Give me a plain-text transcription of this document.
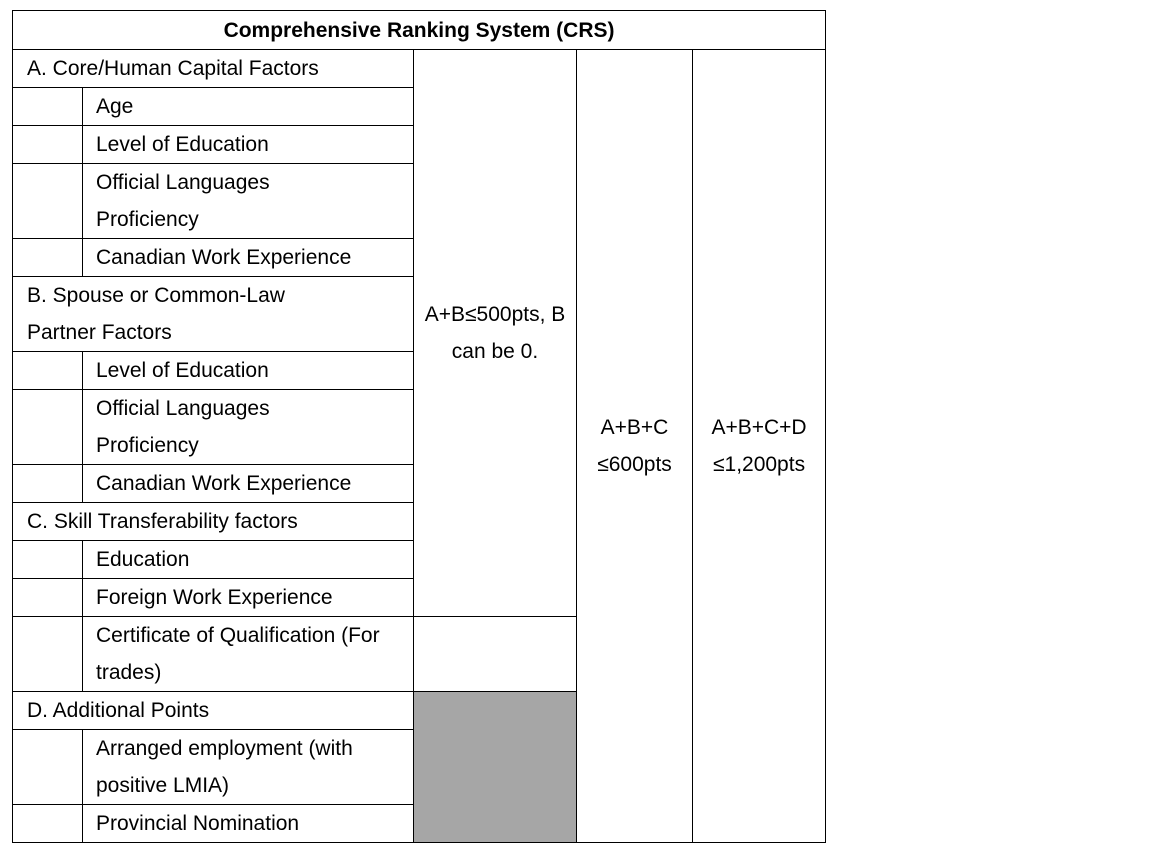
Comprehensive Ranking System (CRS)					
A. Core/Human Capital Factors		A+B≤500pts, B can be 0.	A+B+C ≤600pts	A+B+C+D ≤1,200pts	

	Age				
	Level of Education				

	Official Languages Proficiency				

	Canadian Work Experience				

B. Spouse or Common-Law Partner Factors					

	Level of Education				

	Official Languages Proficiency				

	Canadian Work Experience				
C. Skill Transferability factors					
	Education				
	Foreign Work Experience				

	Certificate of Qualification (For trades)				

D. Additional Points					

	Arranged employment (with positive LMIA)				

	Provincial Nomination				
